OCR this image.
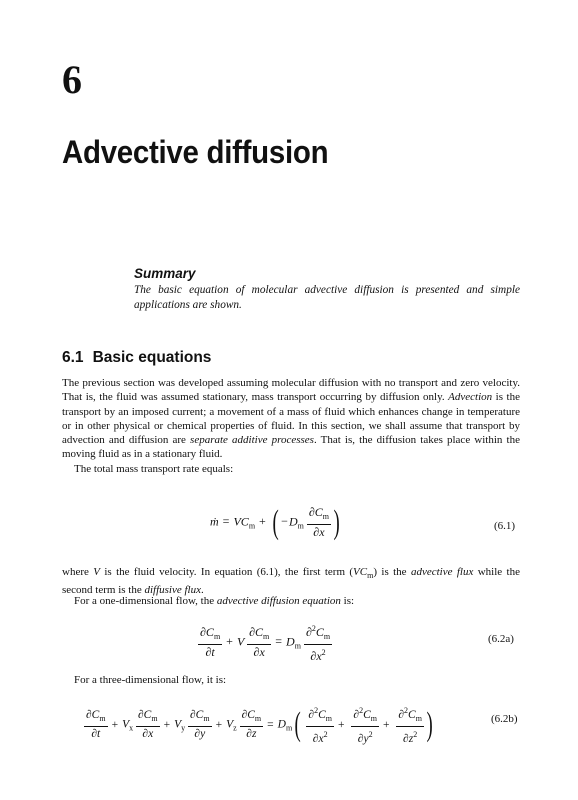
6
Advective diffusion
Summary
The basic equation of molecular advective diffusion is presented and simple applications are shown.
6.1 Basic equations
The previous section was developed assuming molecular diffusion with no transport and zero velocity. That is, the fluid was assumed stationary, mass transport occurring by diffusion only. Advection is the transport by an imposed current; a movement of a mass of fluid which enhances change in temperature or in other physical or chemical properties of fluid. In this section, we shall assume that transport by advection and diffusion are separate additive processes. That is, the diffusion takes place within the moving fluid as in a stationary fluid.
The total mass transport rate equals:
ṁ = $VC_m$ + ( $-D_m \frac{\partial C_m}{\partial x}$ )	(6.1)
where V is the fluid velocity. In equation (6.1), the first term $(VC_m)$ is the advective flux while the second term is the diffusive flux.
For a one-dimensional flow, the advective diffusion equation is:
$\frac{\partial C_m}{\partial t} + V \frac{\partial C_m}{\partial x} = D_m \frac{\partial^2C_m}{\partial x^2}$	(6.2a)
For a three-dimensional flow, it is:
$\frac{\partial C_m}{\partial t} + V_x \frac{\partial C_m}{\partial x} + V_y \frac{\partial C_m}{\partial y} + V_z \frac{\partial C_m}{\partial z} = D_m( \frac{\partial^2C_m}{\partial x^2} + \frac{\partial^2C_m}{\partial y^2} + \frac{\partial^2C_m}{\partial z^2}$ )	(6.2b)
